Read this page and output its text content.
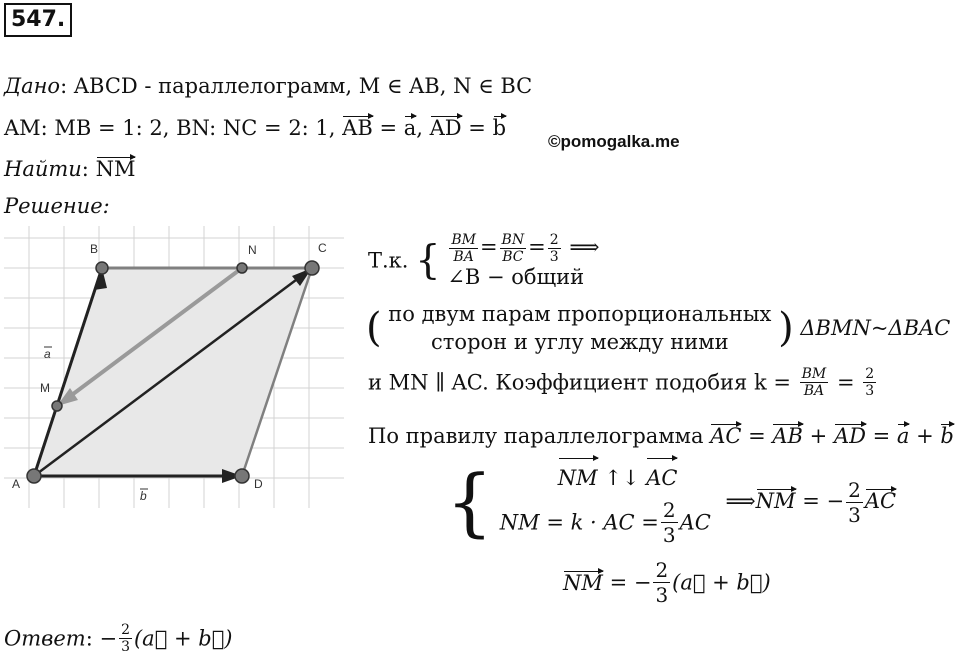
547.
Дано: ABCD - параллелограмм, M ∈ AB, N ∈ BC
AM: MB = 1: 2, BN: NC = 2: 1, AB = a, AD = b
©pomogalka.me
Найти: NM
Решение:
B	N	C
M
A	D
a
b
Т.к. { $\frac{BM}{BA} = \frac{BN}{BC} = \frac{2}{3}$ ⟹
∠B − общий
( по двум парам пропорциональных
сторон и углу между ними ) ΔBMN~ΔBAC
и MN ∥ AC. Коэффициент подобия $k = \frac{BM}{BA} = \frac{2}{3}$
По правилу параллелограмма AC = AB + AD = a + b
{	NM ↑↓ AC
NM = k · AC = $\frac{2}{3}$ AC
⟹NM = − $\frac{2}{3}$ AC
NM = − $\frac{2}{3}$ (a⃗ + b⃗)
Ответ: − $\frac{2}{3}$ (a⃗ + b⃗)
